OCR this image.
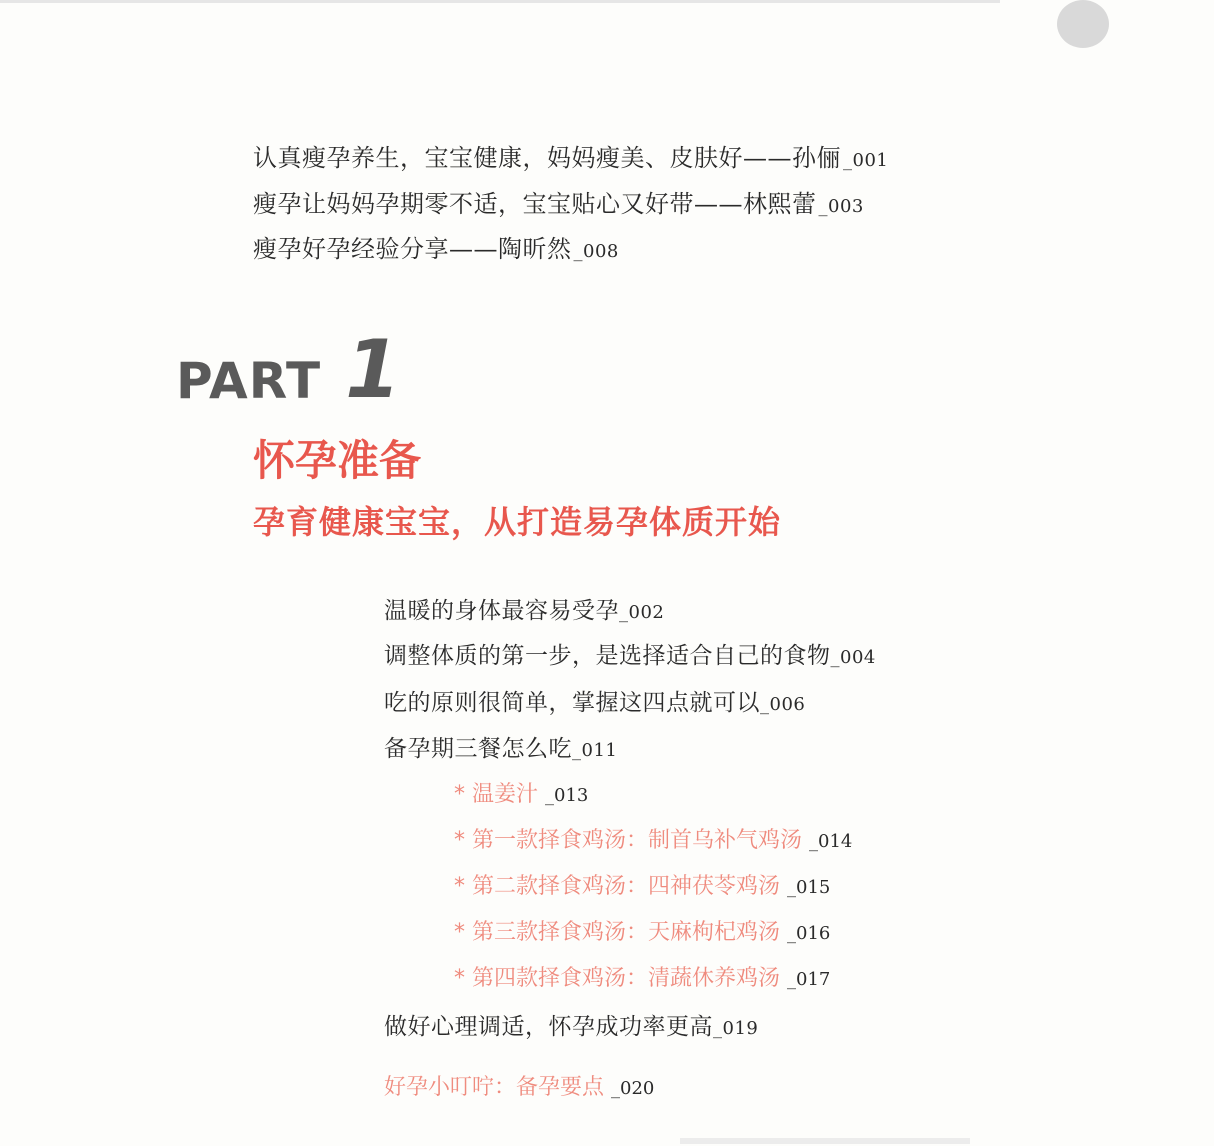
认真瘦孕养生，宝宝健康，妈妈瘦美、皮肤好——孙俪 _001
瘦孕让妈妈孕期零不适，宝宝贴心又好带——林熙蕾 _003
瘦孕好孕经验分享——陶昕然 _008
PART 1
怀孕准备
孕育健康宝宝，从打造易孕体质开始
温暖的身体最容易受孕_002
调整体质的第一步，是选择适合自己的食物_004
吃的原则很简单，掌握这四点就可以_006
备孕期三餐怎么吃_011
* 温姜汁 _013
* 第一款择食鸡汤：制首乌补气鸡汤 _014
* 第二款择食鸡汤：四神茯苓鸡汤 _015
* 第三款择食鸡汤：天麻枸杞鸡汤 _016
* 第四款择食鸡汤：清蔬休养鸡汤 _017
做好心理调适，怀孕成功率更高_019
好孕小叮咛：备孕要点 _020
